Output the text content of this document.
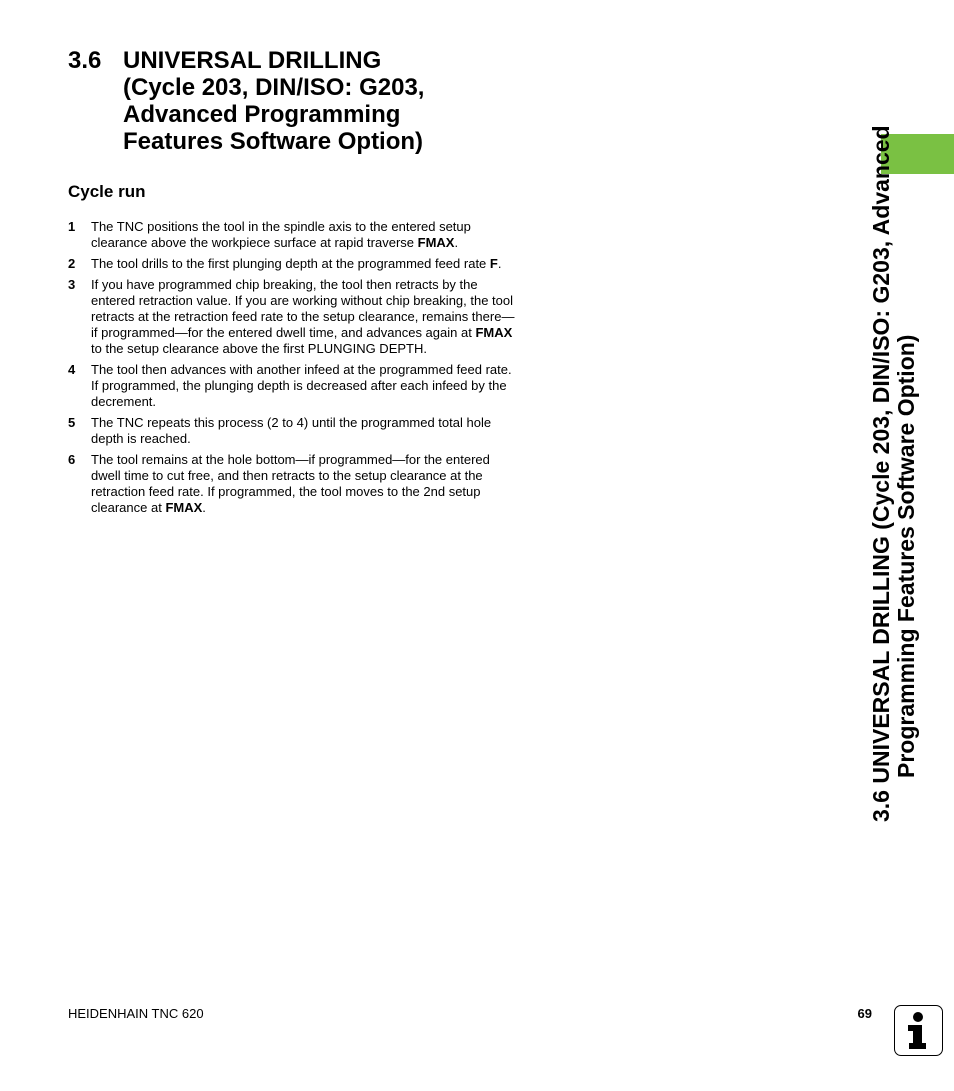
3.6 UNIVERSAL DRILLING
(Cycle 203, DIN/ISO: G203,
Advanced Programming
Features Software Option)
Cycle run
1 The TNC positions the tool in the spindle axis to the entered setup clearance above the workpiece surface at rapid traverse FMAX.
2 The tool drills to the first plunging depth at the programmed feed rate F.
3 If you have programmed chip breaking, the tool then retracts by the entered retraction value. If you are working without chip breaking, the tool retracts at the retraction feed rate to the setup clearance, remains there—if programmed—for the entered dwell time, and advances again at FMAX to the setup clearance above the first PLUNGING DEPTH.
4 The tool then advances with another infeed at the programmed feed rate. If programmed, the plunging depth is decreased after each infeed by the decrement.
5 The TNC repeats this process (2 to 4) until the programmed total hole depth is reached.
6 The tool remains at the hole bottom—if programmed—for the entered dwell time to cut free, and then retracts to the setup clearance at the retraction feed rate. If programmed, the tool moves to the 2nd setup clearance at FMAX.	3.6 UNIVERSAL DRILLING (Cycle 203, DIN/ISO: G203, Advanced Programming Features Software Option)
HEIDENHAIN TNC 620	69
